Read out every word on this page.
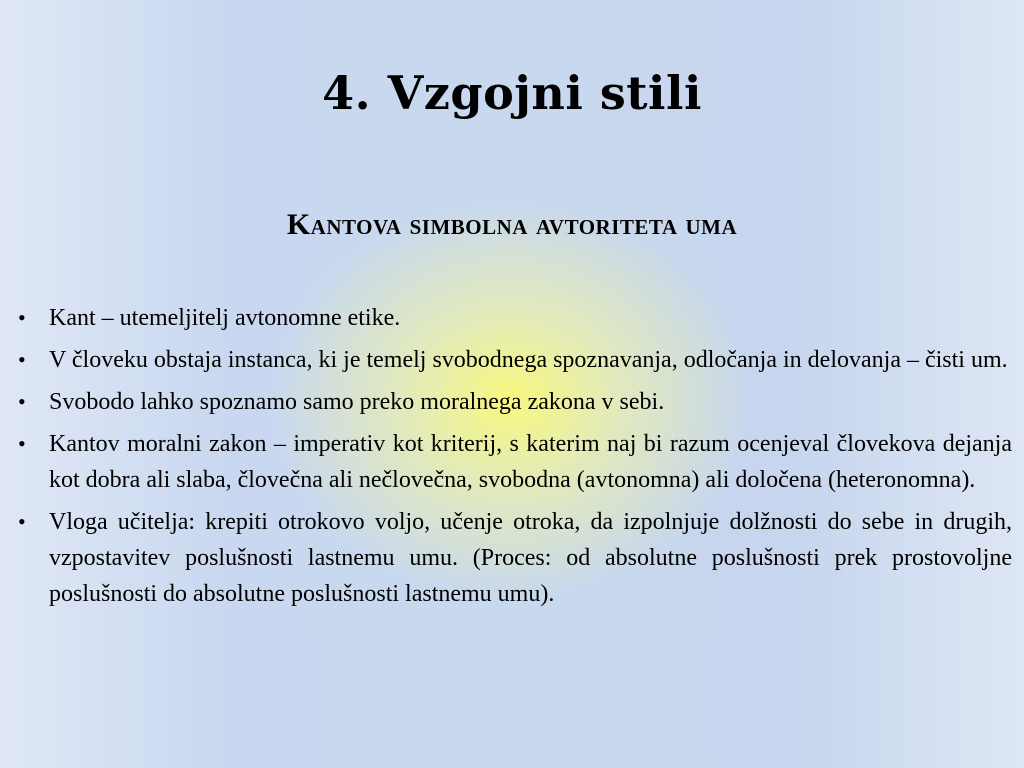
4. Vzgojni stili
Kantova simbolna avtoriteta uma
• Kant – utemeljitelj avtonomne etike.
• V človeku obstaja instanca, ki je temelj svobodnega spoznavanja, odločanja in delovanja – čisti um.
• Svobodo lahko spoznamo samo preko moralnega zakona v sebi.
• Kantov moralni zakon – imperativ kot kriterij, s katerim naj bi razum ocenjeval človekova dejanja kot dobra ali slaba, človečna ali nečlovečna, svobodna (avtonomna) ali določena (heteronomna).
• Vloga učitelja: krepiti otrokovo voljo, učenje otroka, da izpolnjuje dolžnosti do sebe in drugih, vzpostavitev poslušnosti lastnemu umu. (Proces: od absolutne poslušnosti prek prostovoljne poslušnosti do absolutne poslušnosti lastnemu umu).
